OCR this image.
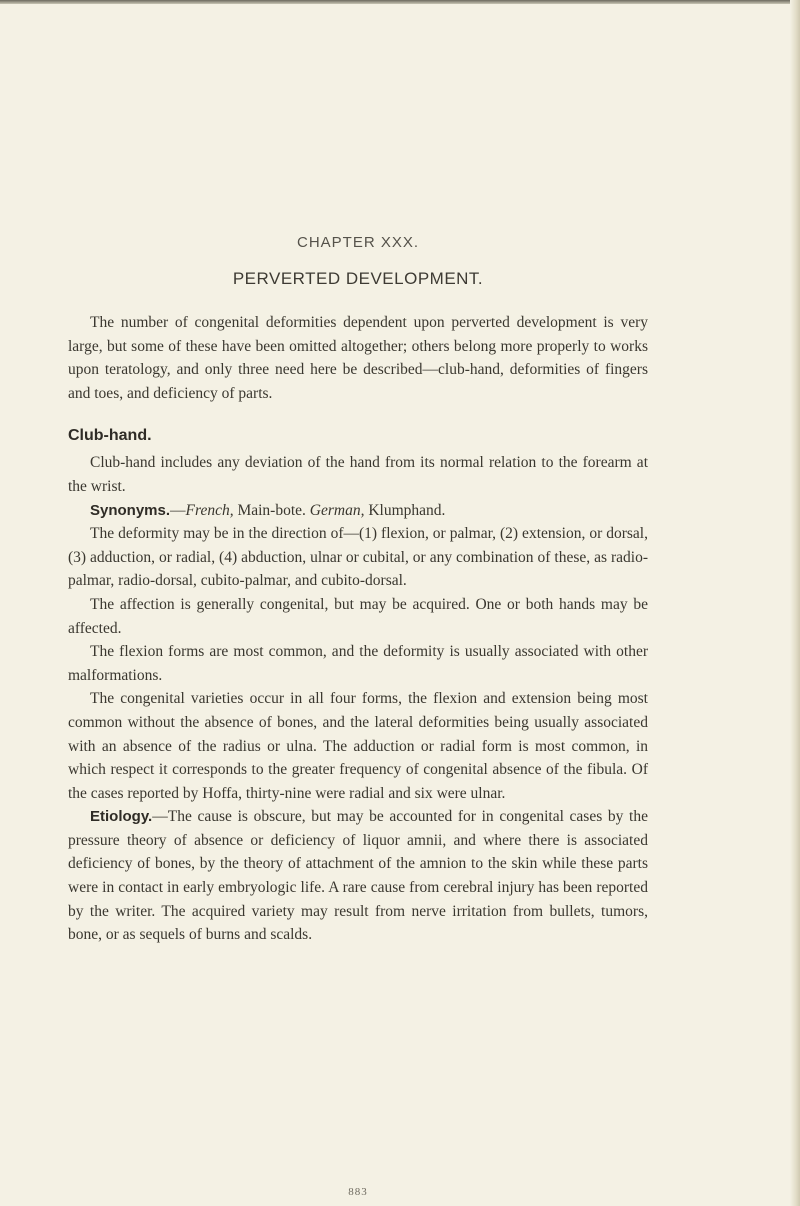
CHAPTER XXX.
PERVERTED DEVELOPMENT.

The number of congenital deformities dependent upon perverted development is very large, but some of these have been omitted altogether; others belong more properly to works upon teratology, and only three need here be described—club-hand, deformities of fingers and toes, and deficiency of parts.

Club-hand.

Club-hand includes any deviation of the hand from its normal relation to the forearm at the wrist.

Synonyms.—French, Main-bote. German, Klumphand.

The deformity may be in the direction of—(1) flexion, or palmar, (2) extension, or dorsal, (3) adduction, or radial, (4) abduction, ulnar or cubital, or any combination of these, as radio-palmar, radio-dorsal, cubito-palmar, and cubito-dorsal.

The affection is generally congenital, but may be acquired. One or both hands may be affected.

The flexion forms are most common, and the deformity is usually associated with other malformations.

The congenital varieties occur in all four forms, the flexion and extension being most common without the absence of bones, and the lateral deformities being usually associated with an absence of the radius or ulna. The adduction or radial form is most common, in which respect it corresponds to the greater frequency of congenital absence of the fibula. Of the cases reported by Hoffa, thirty-nine were radial and six were ulnar.

Etiology.—The cause is obscure, but may be accounted for in congenital cases by the pressure theory of absence or deficiency of liquor amnii, and where there is associated deficiency of bones, by the theory of attachment of the amnion to the skin while these parts were in contact in early embryologic life. A rare cause from cerebral injury has been reported by the writer. The acquired variety may result from nerve irritation from bullets, tumors, bone, or as sequels of burns and scalds.

883
